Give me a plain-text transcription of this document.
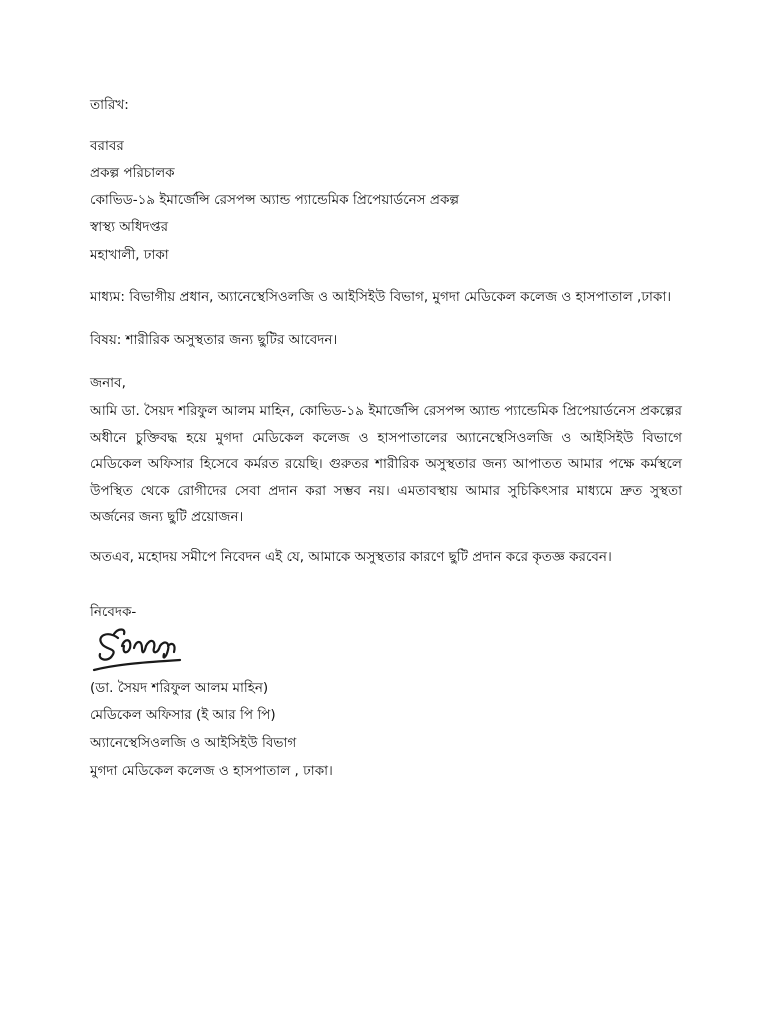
তারিখ:

বরাবর

প্রকল্প পরিচালক

কোভিড-১৯ ইমার্জেন্সি রেসপন্স অ্যান্ড প্যান্ডেমিক প্রিপেয়ার্ডনেস প্রকল্প

স্বাস্থ্য অধিদপ্তর

মহাখালী, ঢাকা

মাধ্যম: বিভাগীয় প্রধান, অ্যানেস্থেসিওলজি ও আইসিইউ বিভাগ, মুগদা মেডিকেল কলেজ ও হাসপাতাল ,ঢাকা।

বিষয়: শারীরিক অসুস্থতার জন্য ছুটির আবেদন।

জনাব,

আমি ডা. সৈয়দ শরিফুল আলম মাহিন, কোভিড-১৯ ইমার্জেন্সি রেসপন্স অ্যান্ড প্যান্ডেমিক প্রিপেয়ার্ডনেস প্রকল্পের অধীনে চুক্তিবদ্ধ হয়ে মুগদা মেডিকেল কলেজ ও হাসপাতালের অ্যানেস্থেসিওলজি ও আইসিইউ বিভাগে মেডিকেল অফিসার হিসেবে কর্মরত রয়েছি। গুরুতর শারীরিক অসুস্থতার জন্য আপাতত আমার পক্ষে কর্মস্থলে উপস্থিত থেকে রোগীদের সেবা প্রদান করা সম্ভব নয়। এমতাবস্থায় আমার সুচিকিৎসার মাধ্যমে দ্রুত সুস্থতা অর্জনের জন্য ছুটি প্রয়োজন।

অতএব, মহোদয় সমীপে নিবেদন এই যে, আমাকে অসুস্থতার কারণে ছুটি প্রদান করে কৃতজ্ঞ করবেন।

নিবেদক-

(ডা. সৈয়দ শরিফুল আলম মাহিন)

মেডিকেল অফিসার (ই আর পি পি)

অ্যানেস্থেসিওলজি ও আইসিইউ বিভাগ

মুগদা মেডিকেল কলেজ ও হাসপাতাল , ঢাকা।
